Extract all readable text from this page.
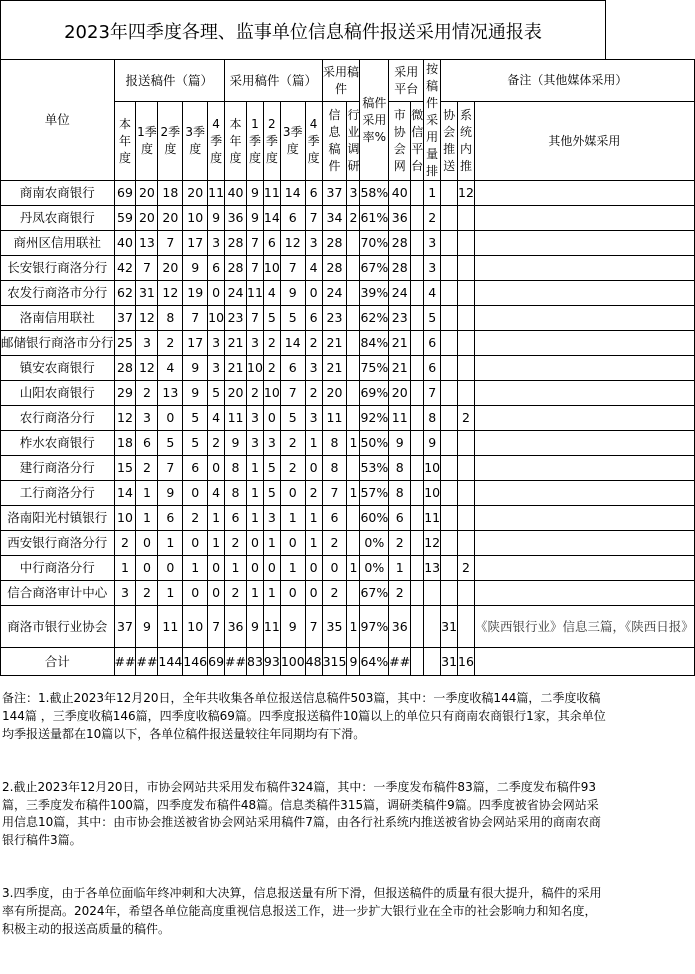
2023年四季度各理、监事单位信息稿件报送采用情况通报表
单位	报送稿件（篇）					采用稿件（篇）					采用稿件		稿件采用率%	采用平台		按稿件采用量排	备注（其他媒体采用）		

	本年度	1季度	2季度	3季度	4季度	本年度	1季度	2季度	3季度	4季度	信息稿件	行业调研		市协会网	微信平台		协会推送	系统内推	其他外媒采用
商南农商银行	69	20	18	20	11	40	9	11	14	6	37	3	58%	40		1		12	
丹凤农商银行	59	20	20	10	9	36	9	14	6	7	34	2	61%	36		2			
商州区信用联社	40	13	7	17	3	28	7	6	12	3	28		70%	28		3			
长安银行商洛分行	42	7	20	9	6	28	7	10	7	4	28		67%	28		3			
农发行商洛市分行	62	31	12	19	0	24	11	4	9	0	24		39%	24		4			
洛南信用联社	37	12	8	7	10	23	7	5	5	6	23		62%	23		5			
邮储银行商洛市分行	25	3	2	17	3	21	3	2	14	2	21		84%	21		6			
镇安农商银行	28	12	4	9	3	21	10	2	6	3	21		75%	21		6			
山阳农商银行	29	2	13	9	5	20	2	10	7	2	20		69%	20		7			
农行商洛分行	12	3	0	5	4	11	3	0	5	3	11		92%	11		8		2	
柞水农商银行	18	6	5	5	2	9	3	3	2	1	8	1	50%	9		9			
建行商洛分行	15	2	7	6	0	8	1	5	2	0	8		53%	8		10			
工行商洛分行	14	1	9	0	4	8	1	5	0	2	7	1	57%	8		10			
洛南阳光村镇银行	10	1	6	2	1	6	1	3	1	1	6		60%	6		11			
西安银行商洛分行	2	0	1	0	1	2	0	1	0	1	2		0%	2		12			
中行商洛分行	1	0	0	1	0	1	0	0	1	0	0	1	0%	1		13		2	
信合商洛审计中心	3	2	1	0	0	2	1	1	0	0	2		67%	2					
商洛市银行业协会	37	9	11	10	7	36	9	11	9	7	35	1	97%	36			31		《陕西银行业》信息三篇，《陕西日报》
合计	##	##	144	146	69	##	83	93	100	48	315	9	64%	##			31	16	

备注：1.截止2023年12月20日，全年共收集各单位报送信息稿件503篇，其中：一季度收稿144篇，二季度收稿144篇 ，三季度收稿146篇，四季度收稿69篇。四季度报送稿件10篇以上的单位只有商南农商银行1家，其余单位均季报送量都在10篇以下，各单位稿件报送量较往年同期均有下滑。

2.截止2023年12月20日，市协会网站共采用发布稿件324篇，其中：一季度发布稿件83篇，二季度发布稿件93篇，三季度发布稿件100篇，四季度发布稿件48篇。信息类稿件315篇，调研类稿件9篇。四季度被省协会网站采用信息10篇，其中：由市协会推送被省协会网站采用稿件7篇，由各行社系统内推送被省协会网站采用的商南农商银行稿件3篇。

3.四季度，由于各单位面临年终冲刺和大决算，信息报送量有所下滑，但报送稿件的质量有很大提升，稿件的采用率有所提高。2024年，希望各单位能高度重视信息报送工作，进一步扩大银行业在全市的社会影响力和知名度，积极主动的报送高质量的稿件。
